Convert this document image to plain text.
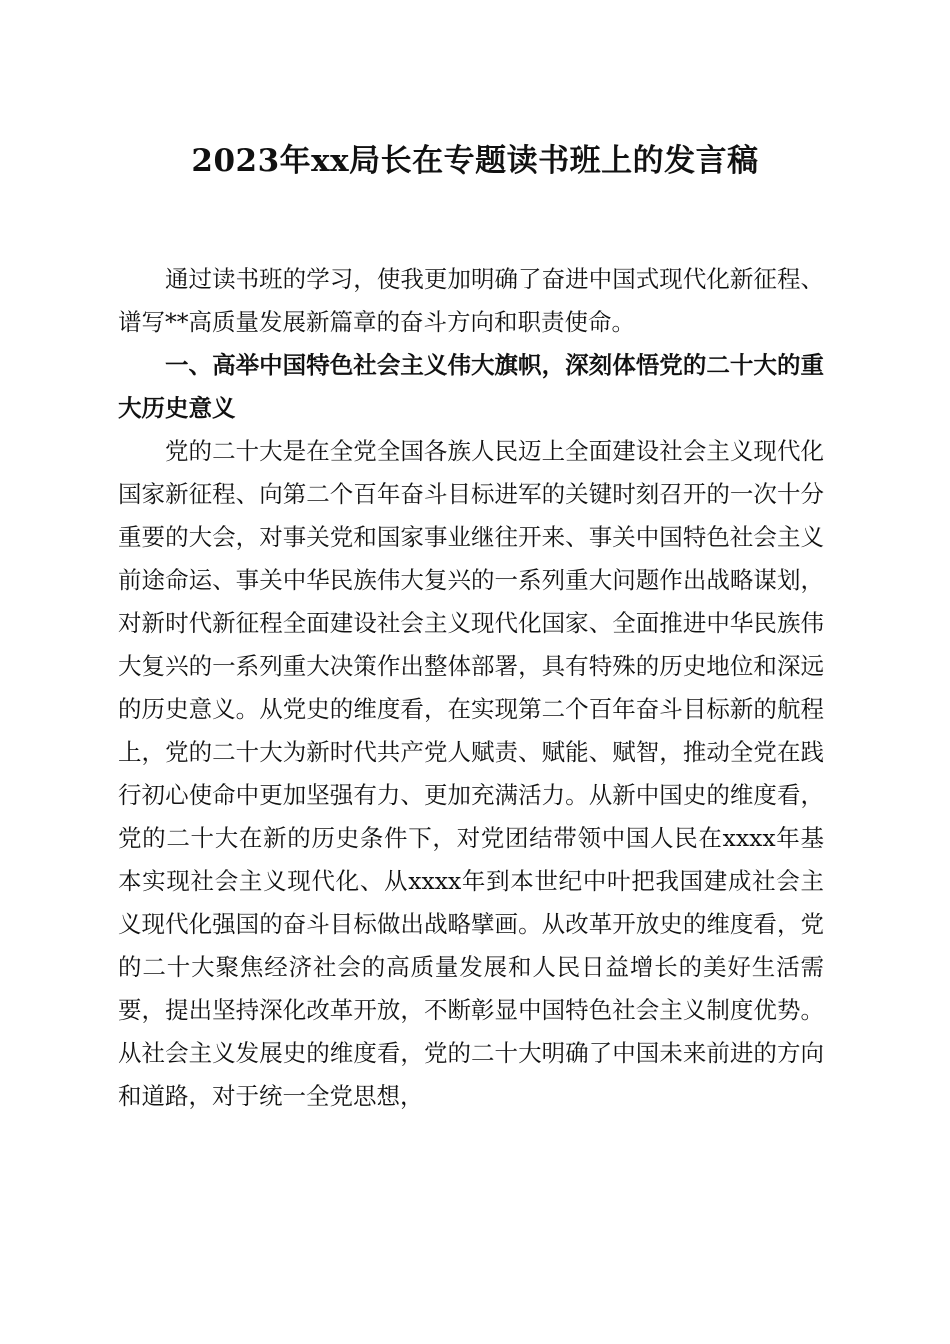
2023年xx局长在专题读书班上的发言稿

通过读书班的学习，使我更加明确了奋进中国式现代化新征程、谱写**高质量发展新篇章的奋斗方向和职责使命。

一、高举中国特色社会主义伟大旗帜，深刻体悟党的二十大的重大历史意义

党的二十大是在全党全国各族人民迈上全面建设社会主义现代化国家新征程、向第二个百年奋斗目标进军的关键时刻召开的一次十分重要的大会，对事关党和国家事业继往开来、事关中国特色社会主义前途命运、事关中华民族伟大复兴的一系列重大问题作出战略谋划，对新时代新征程全面建设社会主义现代化国家、全面推进中华民族伟大复兴的一系列重大决策作出整体部署，具有特殊的历史地位和深远的历史意义。从党史的维度看，在实现第二个百年奋斗目标新的航程上，党的二十大为新时代共产党人赋责、赋能、赋智，推动全党在践行初心使命中更加坚强有力、更加充满活力。从新中国史的维度看，党的二十大在新的历史条件下，对党团结带领中国人民在xxxx年基本实现社会主义现代化、从xxxx年到本世纪中叶把我国建成社会主义现代化强国的奋斗目标做出战略擘画。从改革开放史的维度看，党的二十大聚焦经济社会的高质量发展和人民日益增长的美好生活需要，提出坚持深化改革开放，不断彰显中国特色社会主义制度优势。从社会主义发展史的维度看，党的二十大明确了中国未来前进的方向和道路，对于统一全党思想，
